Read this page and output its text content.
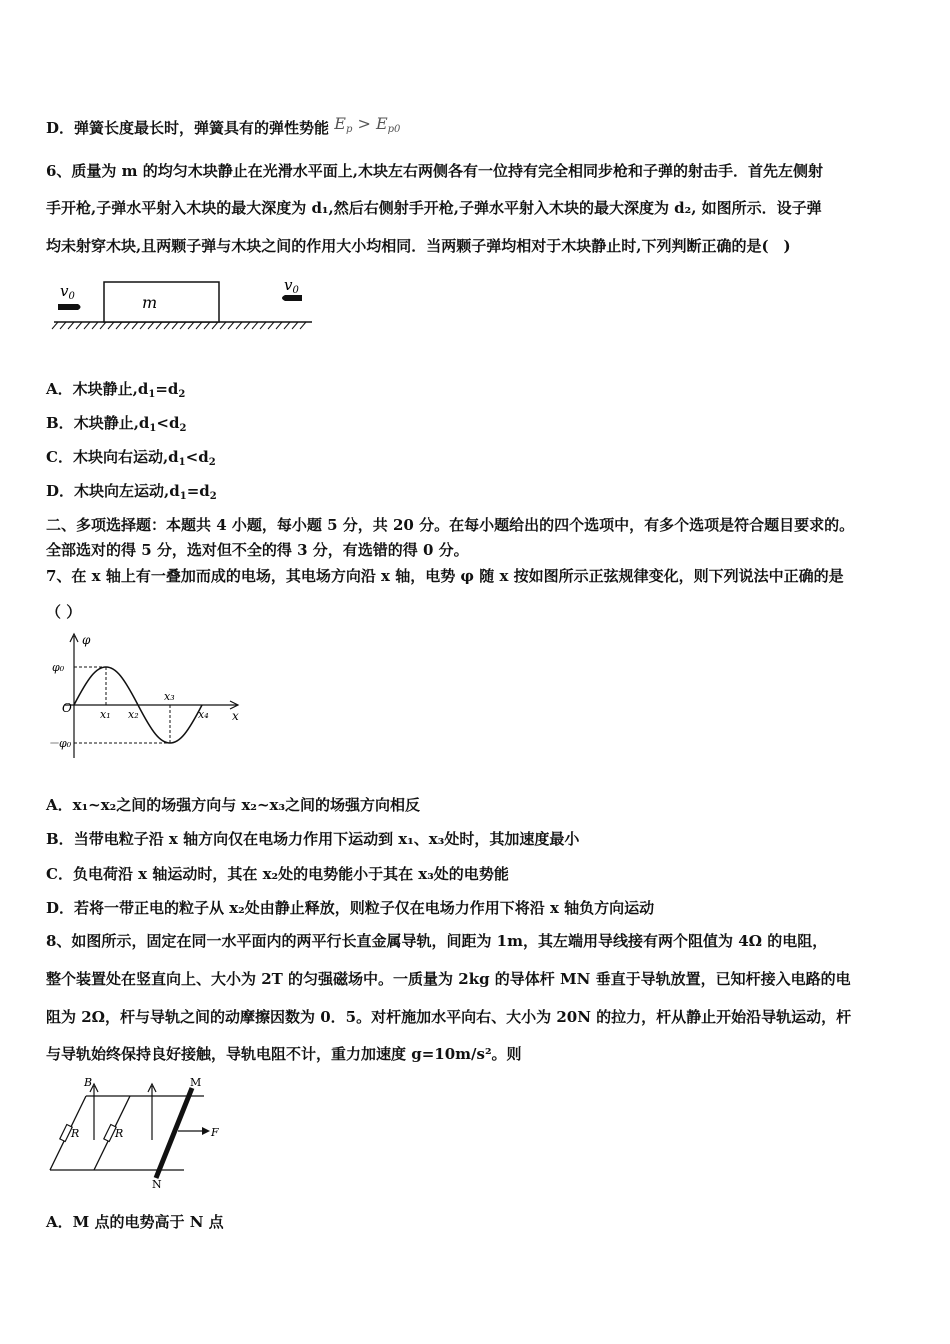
D．弹簧长度最长时，弹簧具有的弹性势能 $E_p > E_{p0}$
6、质量为 m 的均匀木块静止在光滑水平面上,木块左右两侧各有一位持有完全相同步枪和子弹的射击手．首先左侧射
手开枪,子弹水平射入木块的最大深度为 d₁,然后右侧射手开枪,子弹水平射入木块的最大深度为 d₂, 如图所示．设子弹
均未射穿木块,且两颗子弹与木块之间的作用大小均相同．当两颗子弹均相对于木块静止时,下列判断正确的是(　)
m
$v_0$
$v_0$
A．木块静止$,d_1=d_2$
B．木块静止$,d_1<d_2$
C．木块向右运动$,d_1<d_2$
D．木块向左运动$,d_1=d_2$
二、多项选择题：本题共 4 小题，每小题 5 分，共 20 分。在每小题给出的四个选项中，有多个选项是符合题目要求的。
全部选对的得 5 分，选对但不全的得 3 分，有选错的得 0 分。
7、在 x 轴上有一叠加而成的电场，其电场方向沿 x 轴，电势 φ 随 x 按如图所示正弦规律变化，则下列说法中正确的是
（ ）
φ
x
O
φ₀
－φ₀
x₁ x₂
x₃
x₄
A．x₁~x₂之间的场强方向与 x₂~x₃之间的场强方向相反
B．当带电粒子沿 x 轴方向仅在电场力作用下运动到 x₁、x₃处时，其加速度最小
C．负电荷沿 x 轴运动时，其在 x₂处的电势能小于其在 x₃处的电势能
D．若将一带正电的粒子从 x₂处由静止释放，则粒子仅在电场力作用下将沿 x 轴负方向运动
8、如图所示，固定在同一水平面内的两平行长直金属导轨，间距为 1m，其左端用导线接有两个阻值为 4Ω 的电阻，
整个装置处在竖直向上、大小为 2T 的匀强磁场中。一质量为 2kg 的导体杆 MN 垂直于导轨放置，已知杆接入电路的电
阻为 2Ω，杆与导轨之间的动摩擦因数为 0．5。对杆施加水平向右、大小为 20N 的拉力，杆从静止开始沿导轨运动，杆
与导轨始终保持良好接触，导轨电阻不计，重力加速度 g=10m/s²。则
R	R
B	M
N
F
A．M 点的电势高于 N 点
